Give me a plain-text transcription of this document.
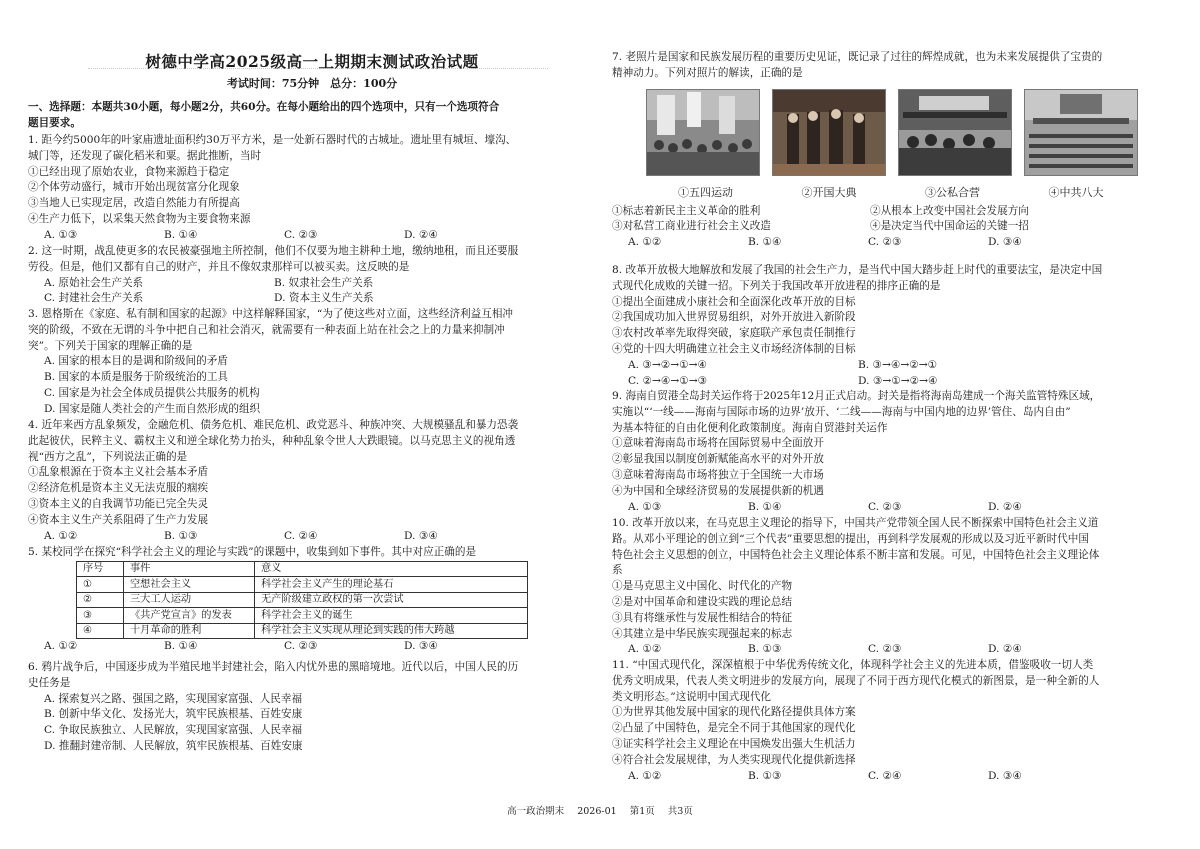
树德中学高2025级高一上期期末测试政治试题
考试时间：75分钟　总分：100分
一、选择题：本题共30小题，每小题2分，共60分。在每小题给出的四个选项中，只有一个选项符合
题目要求。
1. 距今约5000年的叶家庙遗址面积约30万平方米，是一处新石器时代的古城址。遗址里有城垣、壕沟、
城门等，还发现了碳化稻米和粟。据此推断，当时
①已经出现了原始农业，食物来源趋于稳定
②个体劳动盛行，城市开始出现贫富分化现象
③当地人已实现定居，改造自然能力有所提高
④生产力低下，以采集天然食物为主要食物来源
A. ①③	B. ①④	C. ②③	D. ②④
2. 这一时期，战乱使更多的农民被豪强地主所控制，他们不仅要为地主耕种土地，缴纳地租，而且还要服
劳役。但是，他们又都有自己的财产，并且不像奴隶那样可以被买卖。这反映的是
A. 原始社会生产关系	B. 奴隶社会生产关系
C. 封建社会生产关系	D. 资本主义生产关系
3. 恩格斯在《家庭、私有制和国家的起源》中这样解释国家，“为了使这些对立面，这些经济利益互相冲
突的阶级，不致在无谓的斗争中把自己和社会消灭，就需要有一种表面上站在社会之上的力量来抑制冲
突”。下列关于国家的理解正确的是
A. 国家的根本目的是调和阶级间的矛盾
B. 国家的本质是服务于阶级统治的工具
C. 国家是为社会全体成员提供公共服务的机构
D. 国家是随人类社会的产生而自然形成的组织
4. 近年来西方乱象频发，金融危机、债务危机、难民危机、政党恶斗、种族冲突、大规模骚乱和暴力恐袭
此起彼伏，民粹主义、霸权主义和逆全球化势力抬头，种种乱象令世人大跌眼镜。以马克思主义的视角透
视“西方之乱”，下列说法正确的是
①乱象根源在于资本主义社会基本矛盾
②经济危机是资本主义无法克服的痼疾
③资本主义的自我调节功能已完全失灵
④资本主义生产关系阻碍了生产力发展
A. ①②	B. ①③	C. ②④	D. ③④
5. 某校同学在探究“科学社会主义的理论与实践”的课题中，收集到如下事件。其中对应正确的是
序号	事件	意义
①	空想社会主义	科学社会主义产生的理论基石
②	三大工人运动	无产阶级建立政权的第一次尝试
③	《共产党宣言》的发表	科学社会主义的诞生
④	十月革命的胜利	科学社会主义实现从理论到实践的伟大跨越
A. ①②	B. ①④	C. ②③	D. ③④
6. 鸦片战争后，中国逐步成为半殖民地半封建社会，陷入内忧外患的黑暗境地。近代以后，中国人民的历
史任务是
A. 探索复兴之路、强国之路，实现国家富强、人民幸福
B. 创新中华文化、发扬光大，筑牢民族根基、百姓安康
C. 争取民族独立、人民解放，实现国家富强、人民幸福
D. 推翻封建帝制、人民解放，筑牢民族根基、百姓安康
7. 老照片是国家和民族发展历程的重要历史见证，既记录了过往的辉煌成就，也为未来发展提供了宝贵的
精神动力。下列对照片的解读，正确的是
①五四运动	②开国大典	③公私合营	④中共八大
①标志着新民主主义革命的胜利	②从根本上改变中国社会发展方向
③对私营工商业进行社会主义改造	④是决定当代中国命运的关键一招
A. ①②	B. ①④	C. ②③	D. ③④
8. 改革开放极大地解放和发展了我国的社会生产力，是当代中国大踏步赶上时代的重要法宝，是决定中国
式现代化成败的关键一招。下列关于我国改革开放进程的排序正确的是
①提出全面建成小康社会和全面深化改革开放的目标
②我国成功加入世界贸易组织，对外开放进入新阶段
③农村改革率先取得突破，家庭联产承包责任制推行
④党的十四大明确建立社会主义市场经济体制的目标
A. ③→②→①→④	B. ③→④→②→①
C. ②→④→①→③	D. ③→①→②→④
9. 海南自贸港全岛封关运作将于2025年12月正式启动。封关是指将海南岛建成一个海关监管特殊区域，
实施以“‘一线——海南与国际市场的边界’放开、‘二线——海南与中国内地的边界’管住、岛内自由”
为基本特征的自由化便利化政策制度。海南自贸港封关运作
①意味着海南岛市场将在国际贸易中全面放开
②彰显我国以制度创新赋能高水平的对外开放
③意味着海南岛市场将独立于全国统一大市场
④为中国和全球经济贸易的发展提供新的机遇
A. ①③	B. ①④	C. ②③	D. ②④
10. 改革开放以来，在马克思主义理论的指导下，中国共产党带领全国人民不断探索中国特色社会主义道
路。从邓小平理论的创立到“三个代表”重要思想的提出，再到科学发展观的形成以及习近平新时代中国
特色社会主义思想的创立，中国特色社会主义理论体系不断丰富和发展。可见，中国特色社会主义理论体
系
①是马克思主义中国化、时代化的产物
②是对中国革命和建设实践的理论总结
③具有将继承性与发展性相结合的特征
④其建立是中华民族实现强起来的标志
A. ①②	B. ①③	C. ②③	D. ②④
11. “中国式现代化，深深植根于中华优秀传统文化，体现科学社会主义的先进本质，借鉴吸收一切人类
优秀文明成果，代表人类文明进步的发展方向，展现了不同于西方现代化模式的新图景，是一种全新的人
类文明形态。”这说明中国式现代化
①为世界其他发展中国家的现代化路径提供具体方案
②凸显了中国特色，是完全不同于其他国家的现代化
③证实科学社会主义理论在中国焕发出强大生机活力
④符合社会发展规律，为人类实现现代化提供新选择
A. ①②	B. ①③	C. ②④	D. ③④
高一政治期末 2026-01 第1页 共3页
